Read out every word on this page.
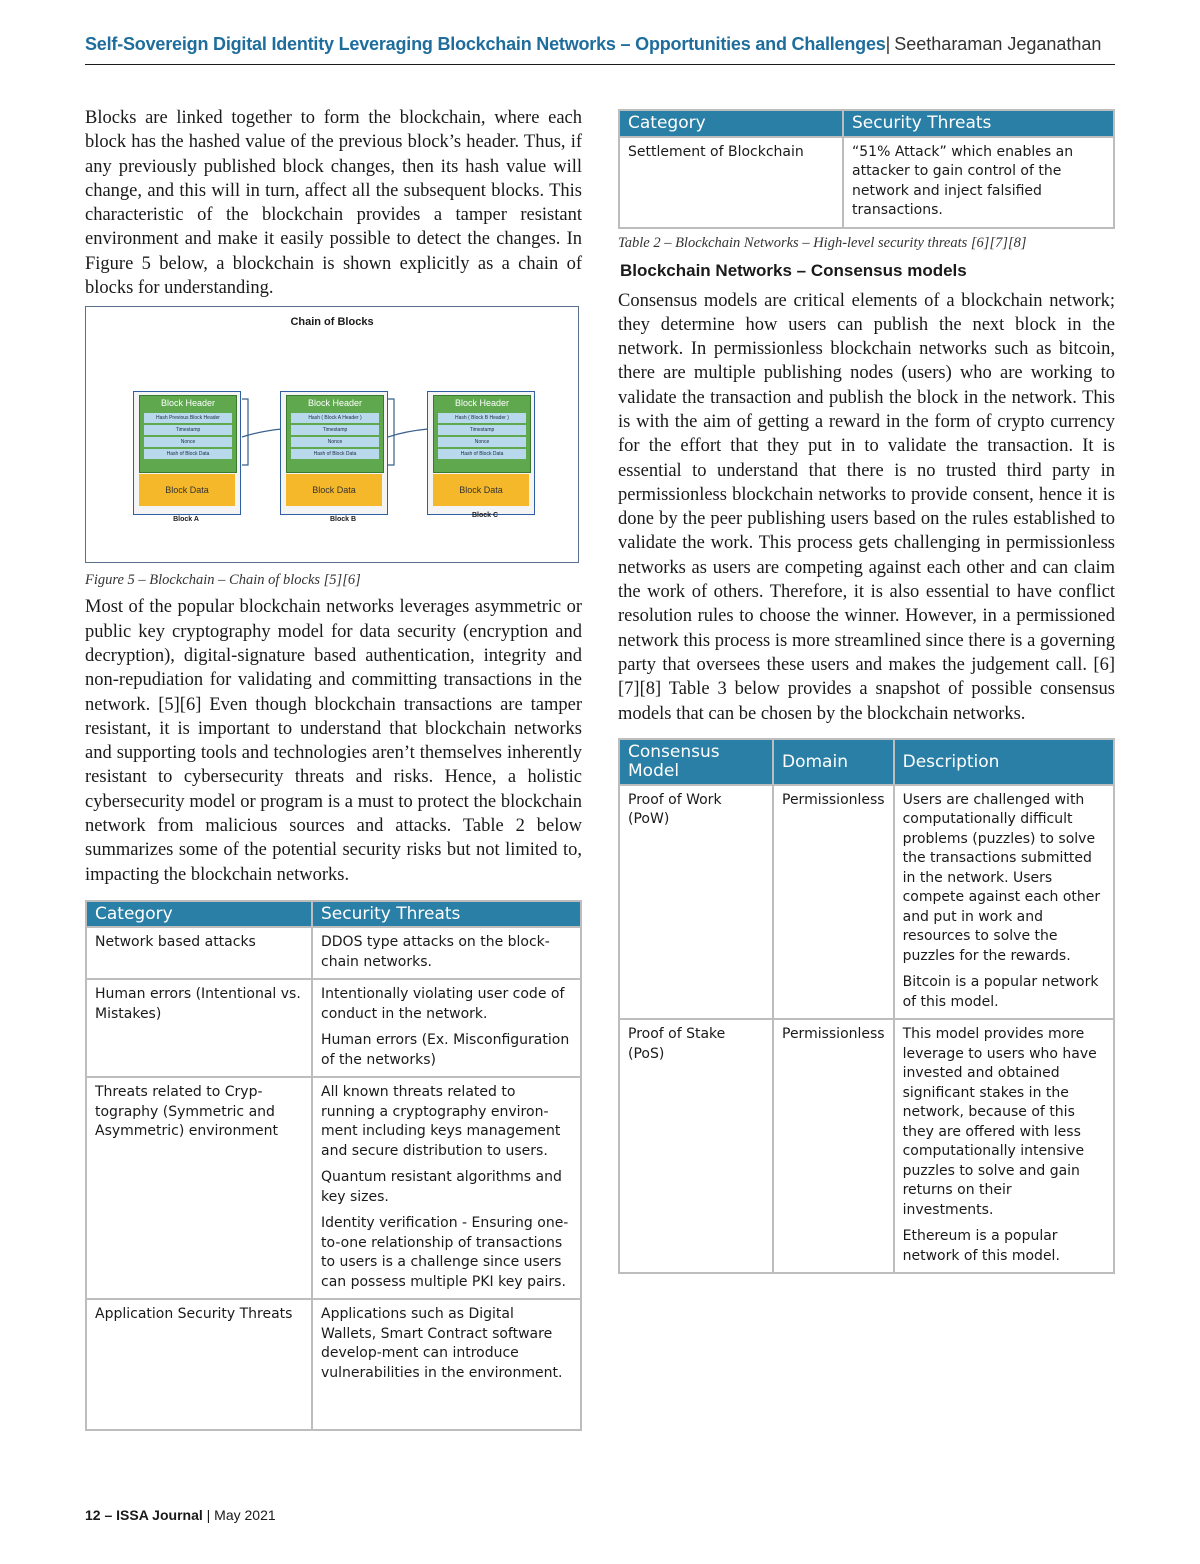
Self-Sovereign Digital Identity Leveraging Blockchain Networks – Opportunities and Challenges| Seetharaman Jeganathan

Blocks are linked together to form the blockchain, where each block has the hashed value of the previous block’s header. Thus, if any previously published block changes, then its hash value will change, and this will in turn, affect all the subsequent blocks. This characteristic of the blockchain provides a tamper resistant environment and make it easily possible to detect the changes. In Figure 5 below, a blockchain is shown explicitly as a chain of blocks for understanding.

Chain of Blocks
Block Header
Hash Previous Block Header
Timestamp
Nonce
Hash of Block Data
Block Data
Block A
Block Header
Hash ( Block A Header )
Timestamp
Nonce
Hash of Block Data
Block Data
Block B
Block Header
Hash ( Block B Header )
Timestamp
Nonce
Hash of Block Data
Block Data
Block C
Figure 5 – Blockchain – Chain of blocks [5][6]

Most of the popular blockchain networks leverages asymmetric or public key cryptography model for data security (encryption and decryption), digital-signature based authentication, integrity and non-repudiation for validating and committing transactions in the network. [5][6] Even though blockchain transactions are tamper resistant, it is important to understand that blockchain networks and supporting tools and technologies aren’t themselves inherently resistant to cybersecurity threats and risks. Hence, a holistic cybersecurity model or program is a must to protect the blockchain network from malicious sources and attacks. Table 2 below summarizes some of the potential security risks but not limited to, impacting the blockchain networks.

Category	Security Threats
Network based attacks	DDOS type attacks on the block-chain networks.

Human errors (Intentional vs. Mistakes)	Intentionally violating user code of conduct in the network.
Human errors (Ex. Misconfiguration of the networks)

Threats related to Cryp-tography (Symmetric and Asymmetric) environment	All known threats related to running a cryptography environ-ment including keys management and secure distribution to users.
Quantum resistant algorithms and key sizes.
Identity verification - Ensuring one-to-one relationship of transactions to users is a challenge since users can possess multiple PKI key pairs.

Application Security Threats	Applications such as Digital Wallets, Smart Contract software develop-ment can introduce vulnerabilities in the environment.
Category	Security Threats
Settlement of Blockchain	“51% Attack” which enables an attacker to gain control of the network and inject falsified transactions.
Table 2 – Blockchain Networks – High-level security threats [6][7][8]
Blockchain Networks – Consensus models

Consensus models are critical elements of a blockchain network; they determine how users can publish the next block in the network. In permissionless blockchain networks such as bitcoin, there are multiple publishing nodes (users) who are working to validate the transaction and publish the block in the network. This is with the aim of getting a reward in the form of crypto currency for the effort that they put in to validate the transaction. It is essential to understand that there is no trusted third party in permissionless blockchain networks to provide consent, hence it is done by the peer publishing users based on the rules established to validate the work. This process gets challenging in permissionless networks as users are competing against each other and can claim the work of others. Therefore, it is also essential to have conflict resolution rules to choose the winner. However, in a permissioned network this process is more streamlined since there is a governing party that oversees these users and makes the judgement call. [6][7][8] Table 3 below provides a snapshot of possible consensus models that can be chosen by the blockchain networks.

Consensus Model	Domain	Description
Proof of Work (PoW)	Permissionless	Users are challenged with computationally difficult problems (puzzles) to solve the transactions submitted in the network. Users compete against each other and put in work and resources to solve the puzzles for the rewards.
Bitcoin is a popular network of this model.

Proof of Stake (PoS)	Permissionless	This model provides more leverage to users who have invested and obtained significant stakes in the network, because of this they are offered with less computationally intensive puzzles to solve and gain returns on their investments.
Ethereum is a popular network of this model.
12 – ISSA Journal | May 2021
